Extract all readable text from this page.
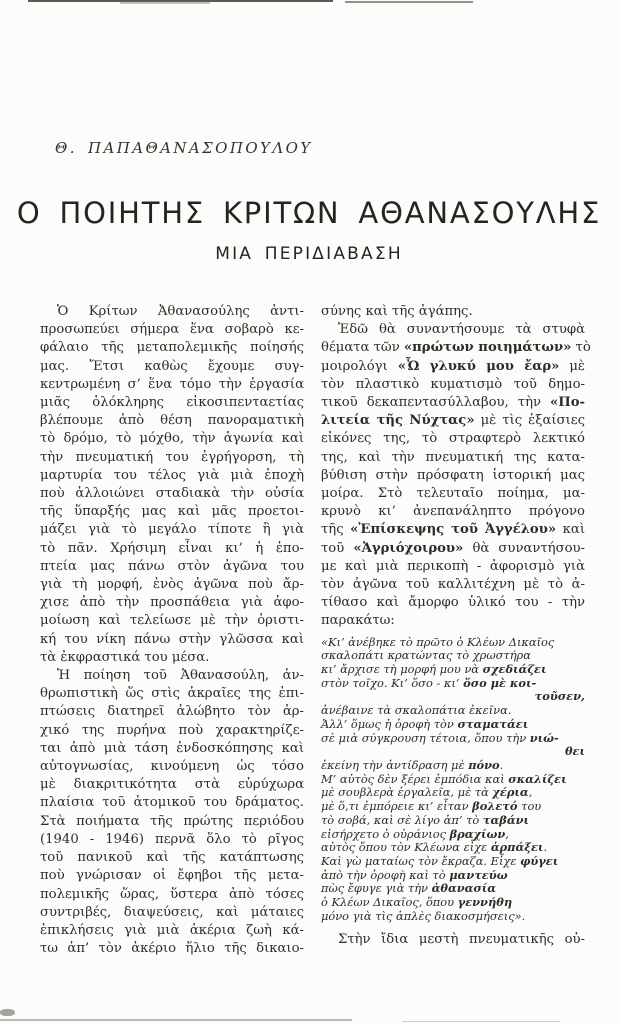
Θ. ΠΑΠΑΘΑΝΑΣΟΠΟΥΛΟΥ
Ο ΠΟΙΗΤΗΣ ΚΡΙΤΩΝ ΑΘΑΝΑΣΟΥΛΗΣ
ΜΙΑ ΠΕΡΙΔΙΑΒΑΣΗ
Ὁ Κρίτων Ἀθανασούλης ἀντι-
προσωπεύει σήμερα ἕνα σοβαρὸ κε-
φάλαιο τῆς μεταπολεμικῆς ποίησής
μας. Ἔτσι καθὼς ἔχουμε συγ-
κεντρωμένη σ’ ἕνα τόμο τὴν ἐργασία
μιᾶς ὁλόκληρης εἰκοσιπενταετίας
βλέπουμε ἀπὸ θέση πανοραματικὴ
τὸ δρόμο, τὸ μόχθο, τὴν ἀγωνία καὶ
τὴν πνευματική του ἐγρήγορση, τὴ
μαρτυρία του τέλος γιὰ μιὰ ἐποχὴ
ποὺ ἀλλοιώνει σταδιακὰ τὴν οὐσία
τῆς ὕπαρξής μας καὶ μᾶς προετοι-
μάζει γιὰ τὸ μεγάλο τίποτε ἢ γιὰ
τὸ πᾶν. Χρήσιμη εἶναι κι’ ἡ ἐπο-
πτεία μας πάνω στὸν ἀγῶνα του
γιὰ τὴ μορφή, ἑνὸς ἀγῶνα ποὺ ἄρ-
χισε ἀπὸ τὴν προσπάθεια γιὰ ἀφο-
μοίωση καὶ τελείωσε μὲ τὴν ὁριστι-
κή του νίκη πάνω στὴν γλῶσσα καὶ
τὰ ἐκφραστικά του μέσα.
Ἡ ποίηση τοῦ Ἀθανασούλη, ἀν-
θρωπιστικὴ ὥς στὶς ἀκραῖες της ἐπι-
πτώσεις διατηρεῖ ἀλώβητο τὸν ἀρ-
χικό της πυρήνα ποὺ χαρακτηρίζε-
ται ἀπὸ μιὰ τάση ἐνδοσκόπησης καὶ
αὐτογνωσίας, κινούμενη ὡς τόσο
μὲ διακριτικότητα στὰ εὐρύχωρα
πλαίσια τοῦ ἀτομικοῦ του δράματος.
Στὰ ποιήματα τῆς πρώτης περιόδου
(1940 - 1946) περνᾶ ὅλο τὸ ρῖγος
τοῦ πανικοῦ καὶ τῆς κατάπτωσης
ποὺ γνώρισαν οἱ ἔφηβοι τῆς μετα-
πολεμικῆς ὥρας, ὕστερα ἀπὸ τόσες
συντριβές, διαψεύσεις, καὶ μάταιες
ἐπικλήσεις γιὰ μιὰ ἀκέρια ζωὴ κά-
τω ἀπ’ τὸν ἀκέριο ἥλιο τῆς δικαιο-
σύνης καὶ τῆς ἀγάπης.
Ἐδῶ θὰ συναντήσουμε τὰ στυφὰ
θέματα τῶν «πρώτων ποιημάτων» τὸ
μοιρολόγι «Ὦ γλυκύ μου ἔαρ» μὲ
τὸν πλαστικὸ κυματισμὸ τοῦ δημο-
τικοῦ δεκαπεντασύλλαβου, τὴν «Πο-
λιτεία τῆς Νύχτας» μὲ τὶς ἐξαίσιες
εἰκόνες της, τὸ στραφτερὸ λεκτικό
της, καὶ τὴν πνευματική της κατα-
βύθιση στὴν πρόσφατη ἱστορική μας
μοίρα. Στὸ τελευταῖο ποίημα, μα-
κρυνὸ κι’ ἀνεπανάληπτο πρόγονο
τῆς «Ἐπίσκεψης τοῦ Ἀγγέλου» καὶ
τοῦ «Ἀγριόχοιρου» θὰ συναντήσου-
με καὶ μιὰ περικοπὴ - ἀφορισμὸ γιὰ
τὸν ἀγῶνα τοῦ καλλιτέχνη μὲ τὸ ἀ-
τίθασο καὶ ἄμορφο ὑλικό του - τὴν
παρακάτω:
«Κι’ ἀνέβηκε τὸ πρῶτο ὁ Κλέων Δικαῖος
σκαλοπάτι κρατώντας τὸ χρωστήρα
κι’ ἄρχισε τὴ μορφή μου νὰ σχεδιάζει
στὸν τοῖχο. Κι’ ὅσο - κι’ ὅσο μὲ κοι-
τοῦσεν,
ἀνέβαινε τὰ σκαλοπάτια ἐκεῖνα.
Ἀλλ’ ὅμως ἡ ὀροφὴ τὸν σταματάει
σὲ μιὰ σύγκρουση τέτοια, ὅπου τὴν νιώ-
θει
ἐκείνη τὴν ἀντίδραση μὲ πόνο.
Μ’ αὐτὸς δὲν ξέρει ἐμπόδια καὶ σκαλίζει
μὲ σουβλερὰ ἐργαλεῖα, μὲ τὰ χέρια,
μὲ ὅ,τι ἐμπόρειε κι’ εἶταν βολετό του
τὸ σοβά, καὶ σὲ λίγο ἀπ’ τὸ ταβάνι
εἰσήρχετο ὁ οὐράνιος βραχίων,
αὐτὸς ὅπου τὸν Κλέωνα εἶχε ἁρπάξει.
Καὶ γὼ ματαίως τὸν ἔκραζα. Εἶχε φύγει
ἀπὸ τὴν ὀροφὴ καὶ τὸ μαντεύω
πὼς ἔφυγε γιὰ τὴν ἀθανασία
ὁ Κλέων Δικαῖος, ὅπου γεννήθη
μόνο γιὰ τὶς ἁπλὲς διακοσμήσεις».
Στὴν ἴδια μεστὴ πνευματικῆς οὐ-
